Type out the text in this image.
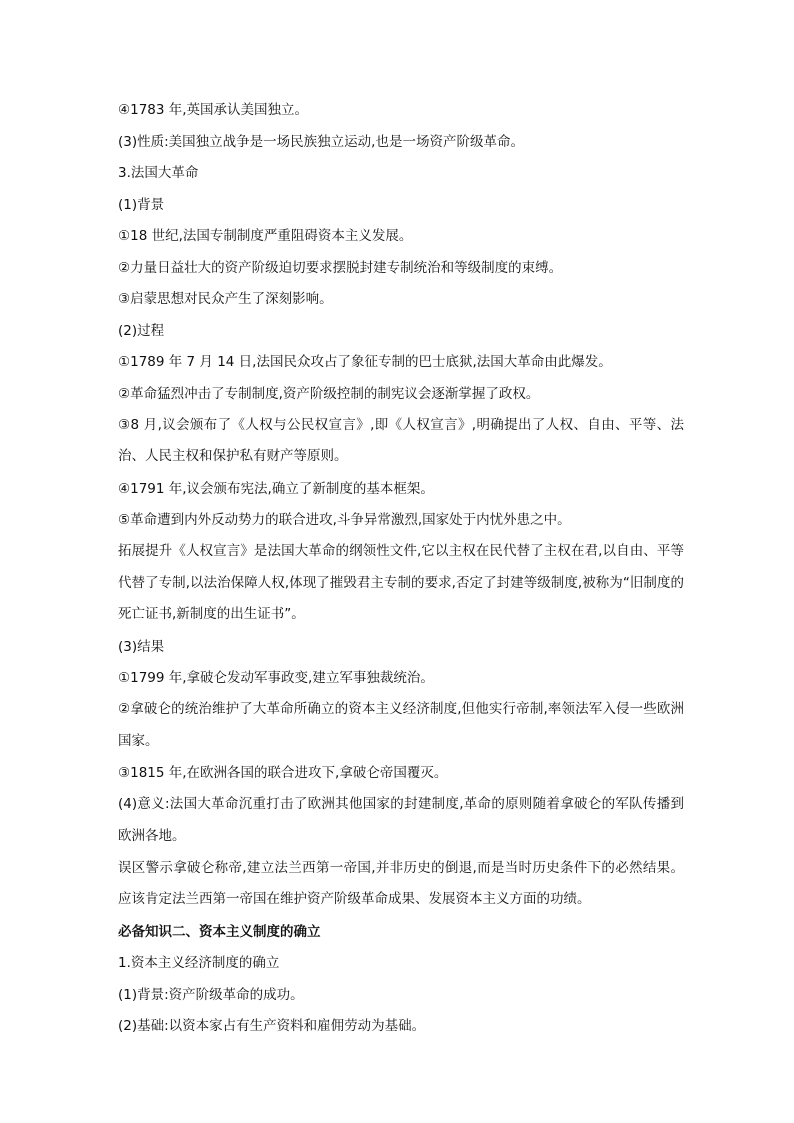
④1783 年,英国承认美国独立。

(3)性质:美国独立战争是一场民族独立运动,也是一场资产阶级革命。

3.法国大革命

(1)背景

①18 世纪,法国专制制度严重阻碍资本主义发展。

②力量日益壮大的资产阶级迫切要求摆脱封建专制统治和等级制度的束缚。

③启蒙思想对民众产生了深刻影响。

(2)过程

①1789 年 7 月 14 日,法国民众攻占了象征专制的巴士底狱,法国大革命由此爆发。

②革命猛烈冲击了专制制度,资产阶级控制的制宪议会逐渐掌握了政权。

③8 月,议会颁布了《人权与公民权宣言》,即《人权宣言》,明确提出了人权、自由、平等、法治、人民主权和保护私有财产等原则。

④1791 年,议会颁布宪法,确立了新制度的基本框架。

⑤革命遭到内外反动势力的联合进攻,斗争异常激烈,国家处于内忧外患之中。

拓展提升《人权宣言》是法国大革命的纲领性文件,它以主权在民代替了主权在君,以自由、平等代替了专制,以法治保障人权,体现了摧毁君主专制的要求,否定了封建等级制度,被称为“旧制度的死亡证书,新制度的出生证书”。

(3)结果

①1799 年,拿破仑发动军事政变,建立军事独裁统治。

②拿破仑的统治维护了大革命所确立的资本主义经济制度,但他实行帝制,率领法军入侵一些欧洲国家。

③1815 年,在欧洲各国的联合进攻下,拿破仑帝国覆灭。

(4)意义:法国大革命沉重打击了欧洲其他国家的封建制度,革命的原则随着拿破仑的军队传播到欧洲各地。

误区警示拿破仑称帝,建立法兰西第一帝国,并非历史的倒退,而是当时历史条件下的必然结果。应该肯定法兰西第一帝国在维护资产阶级革命成果、发展资本主义方面的功绩。

必备知识二、资本主义制度的确立

1.资本主义经济制度的确立

(1)背景:资产阶级革命的成功。

(2)基础:以资本家占有生产资料和雇佣劳动为基础。
